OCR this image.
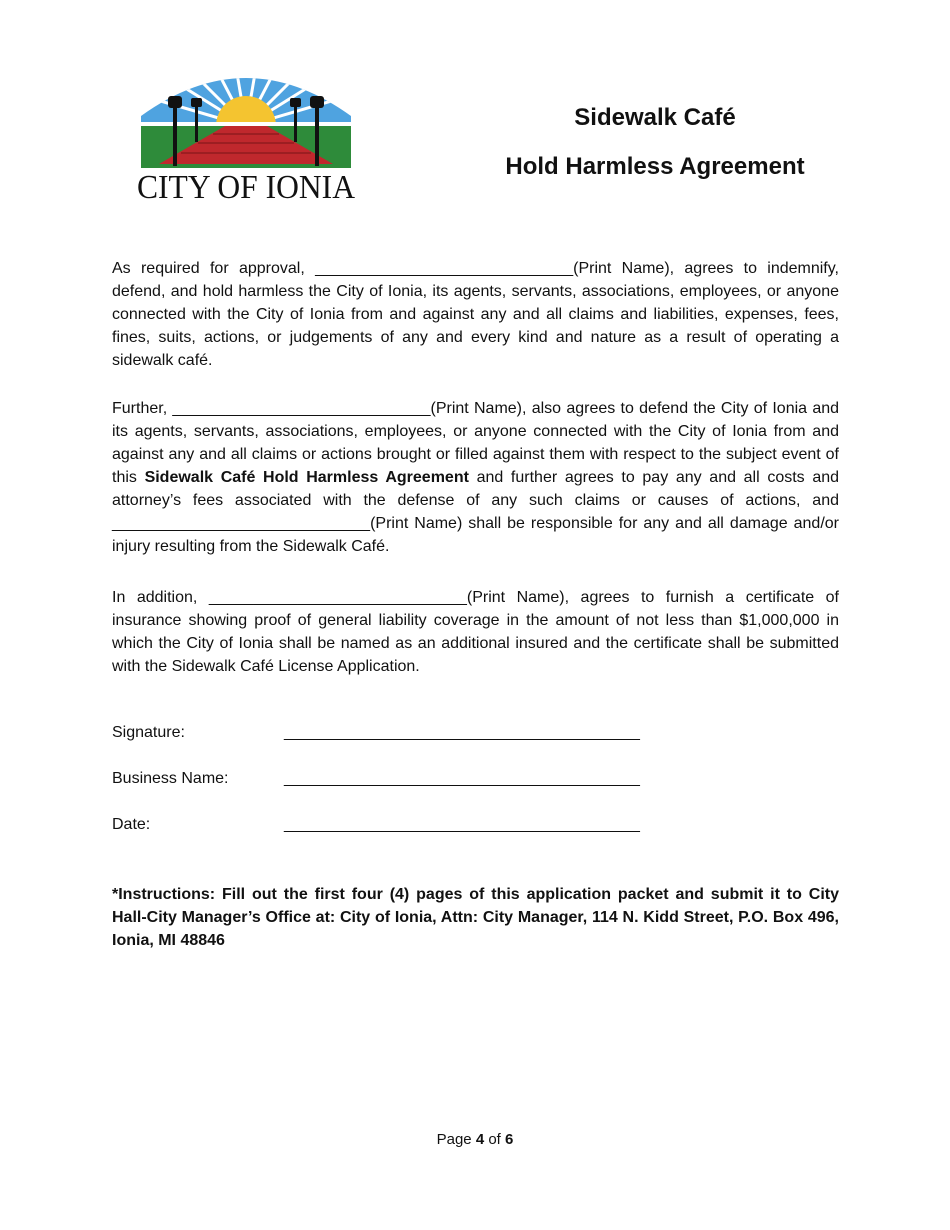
CITY OF IONIA
Sidewalk Café
Hold Harmless Agreement
As required for approval, _____________________________(Print Name), agrees to indemnify, defend, and hold harmless the City of Ionia, its agents, servants, associations, employees, or anyone connected with the City of Ionia from and against any and all claims and liabilities, expenses, fees, fines, suits, actions, or judgements of any and every kind and nature as a result of operating a sidewalk café.
Further, _____________________________(Print Name), also agrees to defend the City of Ionia and its agents, servants, associations, employees, or anyone connected with the City of Ionia from and against any and all claims or actions brought or filled against them with respect to the subject event of this Sidewalk Café Hold Harmless Agreement and further agrees to pay any and all costs and attorney’s fees associated with the defense of any such claims or causes of actions, and _____________________________(Print Name) shall be responsible for any and all damage and/or injury resulting from the Sidewalk Café.
In addition, _____________________________(Print Name), agrees to furnish a certificate of insurance showing proof of general liability coverage in the amount of not less than $1,000,000 in which the City of Ionia shall be named as an additional insured and the certificate shall be submitted with the Sidewalk Café License Application.
Signature:	________________________________________
Business Name:	________________________________________
Date:	________________________________________
*Instructions: Fill out the first four (4) pages of this application packet and submit it to City Hall-City Manager’s Office at: City of Ionia, Attn: City Manager, 114 N. Kidd Street, P.O. Box 496, Ionia, MI 48846
Page 4 of 6
